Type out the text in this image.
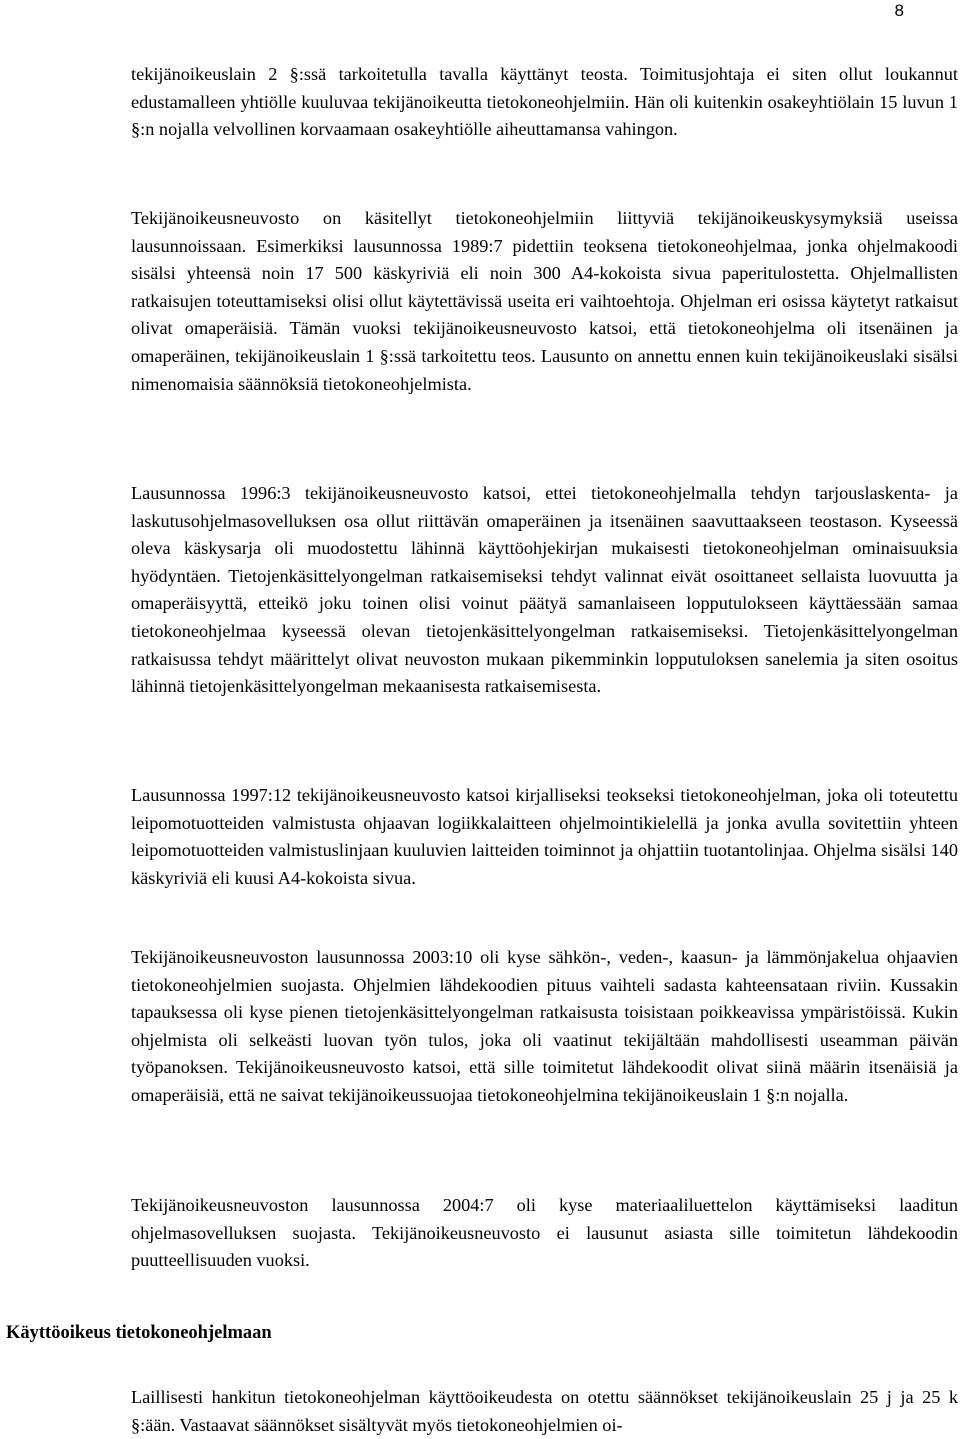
8

tekijänoikeuslain 2 §:ssä tarkoitetulla tavalla käyttänyt teosta. Toimitusjohtaja ei siten ollut loukannut edustamalleen yhtiölle kuuluvaa tekijänoikeutta tietokoneohjelmiin. Hän oli kuitenkin osakeyhtiölain 15 luvun 1 §:n nojalla velvollinen korvaamaan osakeyhtiölle aiheuttamansa vahingon.

Tekijänoikeusneuvosto on käsitellyt tietokoneohjelmiin liittyviä tekijänoikeuskysymyksiä useissa lausunnoissaan. Esimerkiksi lausunnossa 1989:7 pidettiin teoksena tietokoneohjelmaa, jonka ohjelmakoodi sisälsi yhteensä noin 17 500 käskyriviä eli noin 300 A4-kokoista sivua paperitulostetta. Ohjelmallisten ratkaisujen toteuttamiseksi olisi ollut käytettävissä useita eri vaihtoehtoja. Ohjelman eri osissa käytetyt ratkaisut olivat omaperäisiä. Tämän vuoksi tekijänoikeusneuvosto katsoi, että tietokoneohjelma oli itsenäinen ja omaperäinen, tekijänoikeuslain 1 §:ssä tarkoitettu teos. Lausunto on annettu ennen kuin tekijänoikeuslaki sisälsi nimenomaisia säännöksiä tietokoneohjelmista.

Lausunnossa 1996:3 tekijänoikeusneuvosto katsoi, ettei tietokoneohjelmalla tehdyn tarjouslaskenta- ja laskutusohjelmasovelluksen osa ollut riittävän omaperäinen ja itsenäinen saavuttaakseen teostason. Kyseessä oleva käskysarja oli muodostettu lähinnä käyttöohjekirjan mukaisesti tietokoneohjelman ominaisuuksia hyödyntäen. Tietojenkäsittelyongelman ratkaisemiseksi tehdyt valinnat eivät osoittaneet sellaista luovuutta ja omaperäisyyttä, etteikö joku toinen olisi voinut päätyä samanlaiseen lopputulokseen käyttäessään samaa tietokoneohjelmaa kyseessä olevan tietojenkäsittelyongelman ratkaisemiseksi. Tietojenkäsittelyongelman ratkaisussa tehdyt määrittelyt olivat neuvoston mukaan pikemminkin lopputuloksen sanelemia ja siten osoitus lähinnä tietojenkäsittelyongelman mekaanisesta ratkaisemisesta.

Lausunnossa 1997:12 tekijänoikeusneuvosto katsoi kirjalliseksi teokseksi tietokoneohjelman, joka oli toteutettu leipomotuotteiden valmistusta ohjaavan logiikkalaitteen ohjelmointikielellä ja jonka avulla sovitettiin yhteen leipomotuotteiden valmistuslinjaan kuuluvien laitteiden toiminnot ja ohjattiin tuotantolinjaa. Ohjelma sisälsi 140 käskyriviä eli kuusi A4-kokoista sivua.

Tekijänoikeusneuvoston lausunnossa 2003:10 oli kyse sähkön-, veden-, kaasun- ja lämmönjakelua ohjaavien tietokoneohjelmien suojasta. Ohjelmien lähdekoodien pituus vaihteli sadasta kahteensataan riviin. Kussakin tapauksessa oli kyse pienen tietojenkäsittelyongelman ratkaisusta toisistaan poikkeavissa ympäristöissä. Kukin ohjelmista oli selkeästi luovan työn tulos, joka oli vaatinut tekijältään mahdollisesti useamman päivän työpanoksen. Tekijänoikeusneuvosto katsoi, että sille toimitetut lähdekoodit olivat siinä määrin itsenäisiä ja omaperäisiä, että ne saivat tekijänoikeussuojaa tietokoneohjelmina tekijänoikeuslain 1 §:n nojalla.

Tekijänoikeusneuvoston lausunnossa 2004:7 oli kyse materiaaliluettelon käyttämiseksi laaditun ohjelmasovelluksen suojasta. Tekijänoikeusneuvosto ei lausunut asiasta sille toimitetun lähdekoodin puutteellisuuden vuoksi.

Käyttöoikeus tietokoneohjelmaan

Laillisesti hankitun tietokoneohjelman käyttöoikeudesta on otettu säännökset tekijänoikeuslain 25 j ja 25 k §:ään. Vastaavat säännökset sisältyvät myös tietokoneohjelmien oi-
